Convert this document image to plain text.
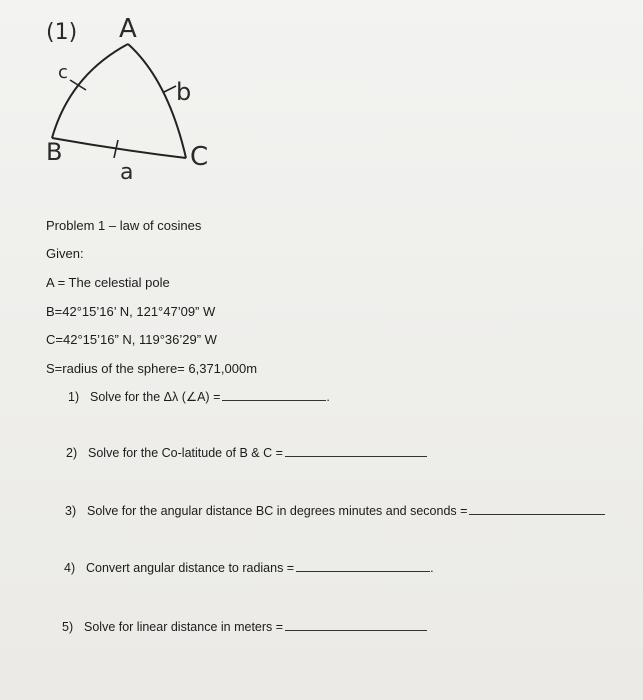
(1) A
c
b
B	C
a
Problem 1 – law of cosines
Given:
A = The celestial pole
B=42°15’16’ N, 121°47’09” W
C=42°15’16” N, 119°36’29” W
S=radius of the sphere= 6,371,000m
1) Solve for the Δλ (∠A) =	.
2) Solve for the Co-latitude of B & C =
3) Solve for the angular distance BC in degrees minutes and seconds =
4) Convert angular distance to radians =	.
5) Solve for linear distance in meters =
